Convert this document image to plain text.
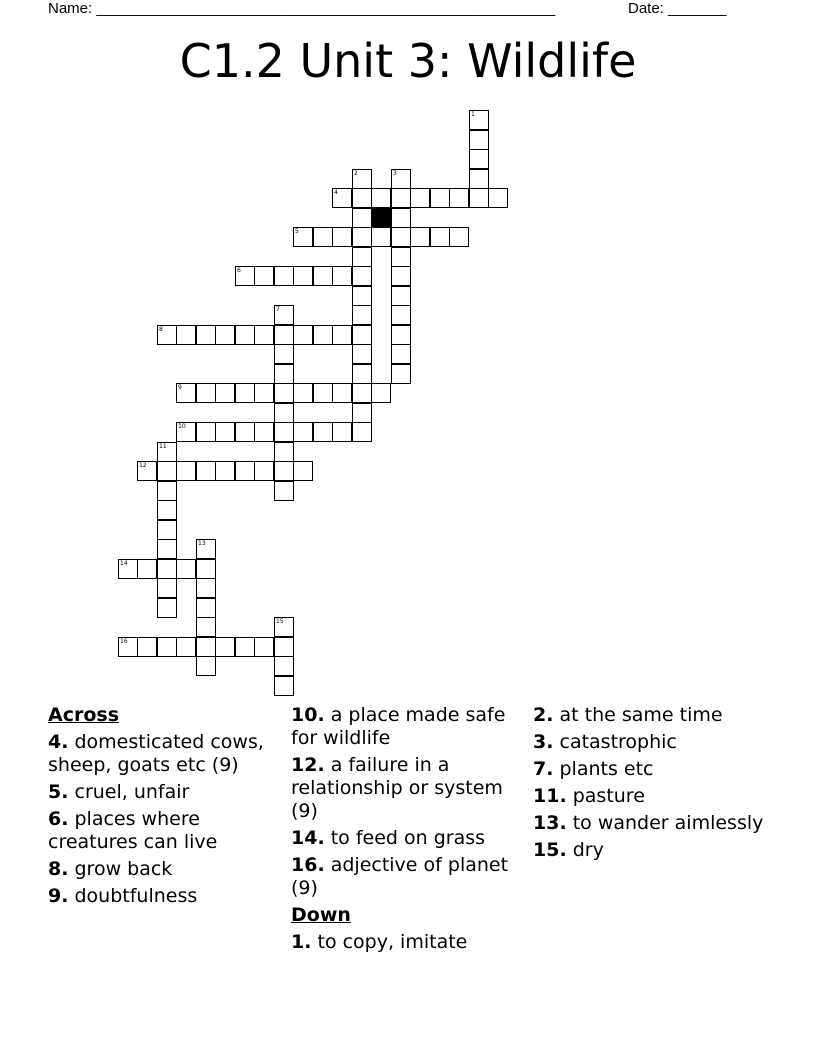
Name: _______________________________________________________	Date: _______
C1.2 Unit 3: Wildlife
1
2	3
4
5
6
7
8
9
10
11
12
13
14
15
16
Across
4. domesticated cows, sheep, goats etc (9)
5. cruel, unfair
6. places where creatures can live
8. grow back
9. doubtfulness
10. a place made safe for wildlife
12. a failure in a relationship or system (9)
14. to feed on grass
16. adjective of planet (9)
Down
1. to copy, imitate
2. at the same time
3. catastrophic
7. plants etc
11. pasture
13. to wander aimlessly
15. dry
